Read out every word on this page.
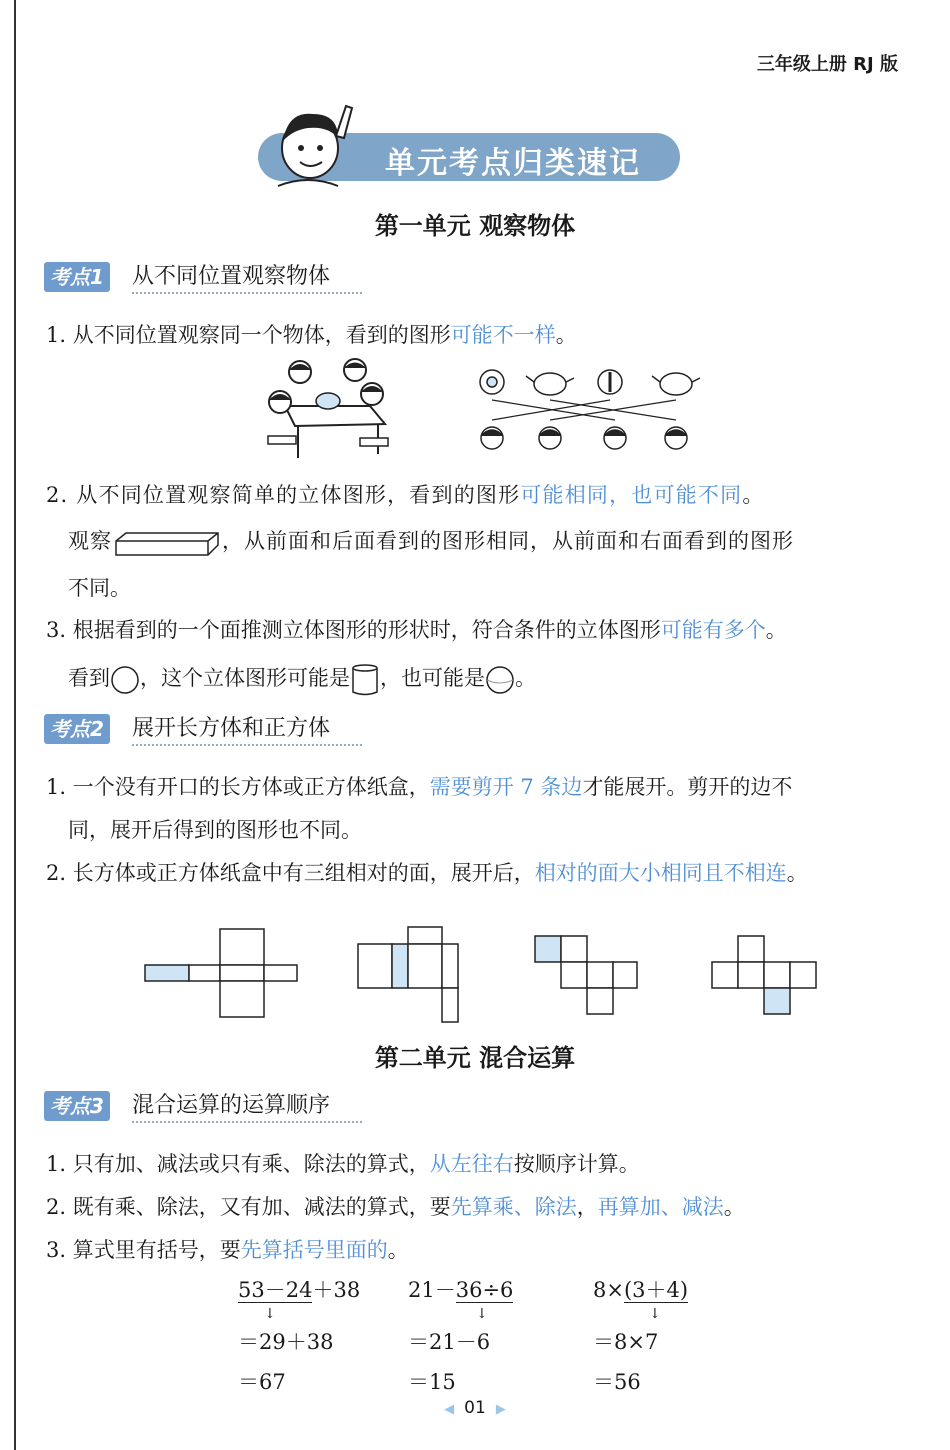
三年级上册 RJ 版
单元考点归类速记
第一单元 观察物体
考点1 从不同位置观察物体
1. 从不同位置观察同一个物体，看到的图形可能不一样。
2. 从不同位置观察简单的立体图形，看到的图形可能相同，也可能不同。
观察	，从前面和后面看到的图形相同，从前面和右面看到的图形
不同。
3. 根据看到的一个面推测立体图形的形状时，符合条件的立体图形可能有多个。
看到 ，这个立体图形可能是 ，也可能是 。
考点2 展开长方体和正方体
1. 一个没有开口的长方体或正方体纸盒，需要剪开 7 条边才能展开。剪开的边不
同，展开后得到的图形也不同。
2. 长方体或正方体纸盒中有三组相对的面，展开后，相对的面大小相同且不相连。
第二单元 混合运算
考点3 混合运算的运算顺序
1. 只有加、减法或只有乘、除法的算式，从左往右按顺序计算。
2. 既有乘、除法，又有加、减法的算式，要先算乘、除法，再算加、减法。
3. 算式里有括号，要先算括号里面的。
53－24＋38
↓
＝29＋38
＝67
21－36÷6
↓
＝21－6
＝15
8×(3＋4)
↓
＝8×7
＝56
◀ 01 ▶
